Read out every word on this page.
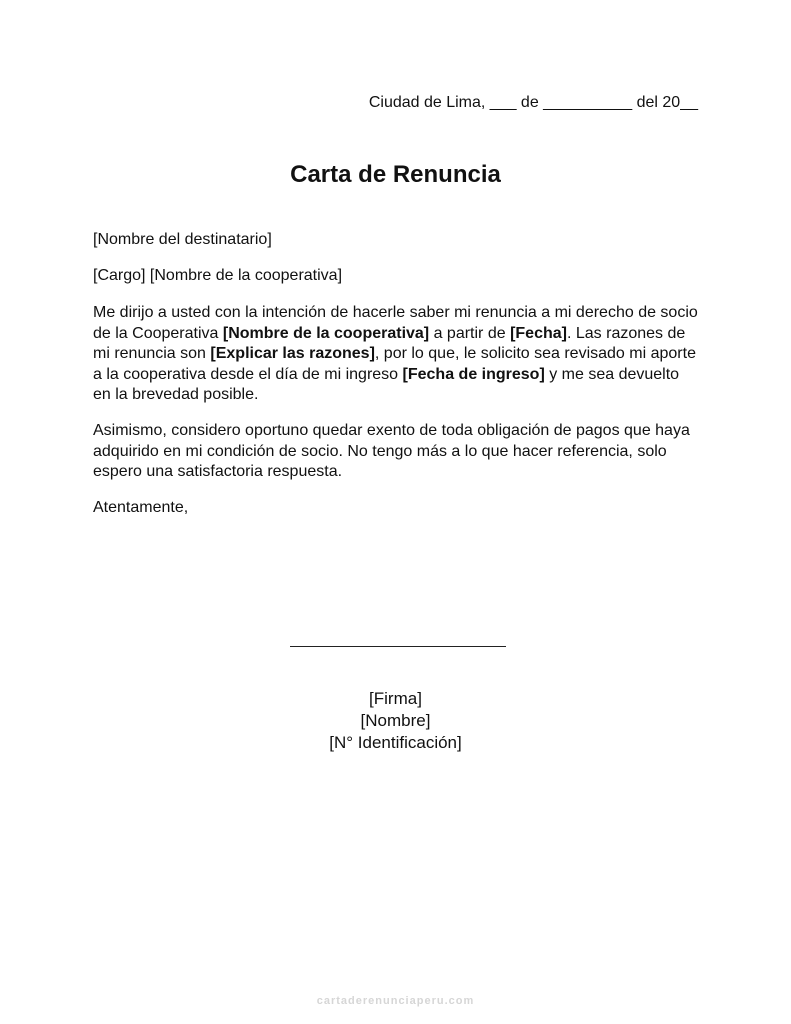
Ciudad de Lima, ___ de __________ del 20__
Carta de Renuncia

[Nombre del destinatario]

[Cargo] [Nombre de la cooperativa]

Me dirijo a usted con la intención de hacerle saber mi renuncia a mi derecho de socio de la Cooperativa [Nombre de la cooperativa] a partir de [Fecha]. Las razones de mi renuncia son [Explicar las razones], por lo que, le solicito sea revisado mi aporte a la cooperativa desde el día de mi ingreso [Fecha de ingreso] y me sea devuelto en la brevedad posible.

Asimismo, considero oportuno quedar exento de toda obligación de pagos que haya adquirido en mi condición de socio. No tengo más a lo que hacer referencia, solo espero una satisfactoria respuesta.

Atentamente,

[Firma]
[Nombre]
[N° Identificación]
cartaderenunciaperu.com
